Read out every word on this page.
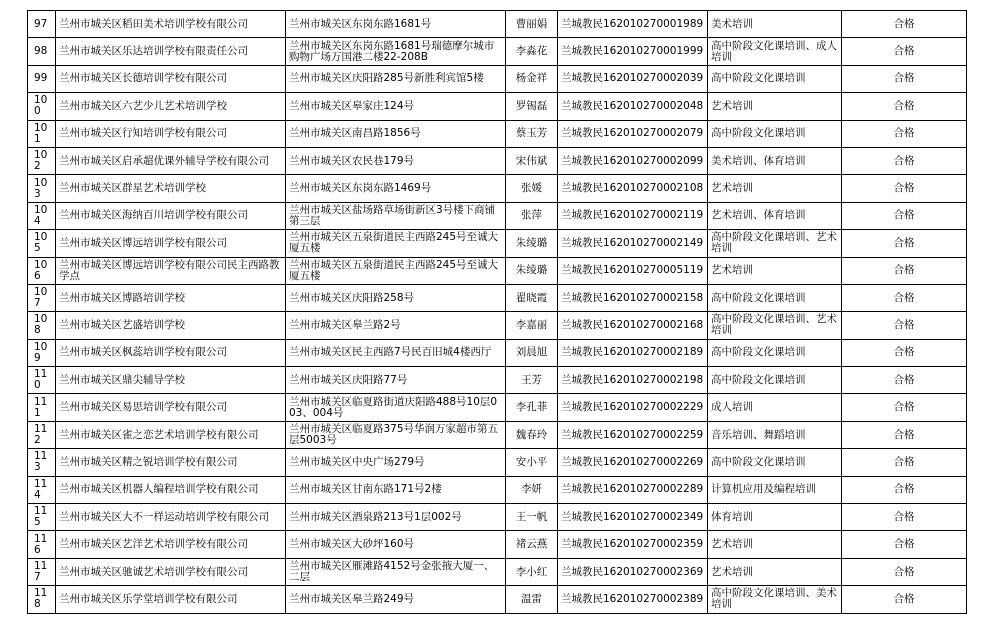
97	兰州市城关区稻田美术培训学校有限公司	兰州市城关区东岗东路1681号	曹丽娟	兰城教民162010270001989	美术培训	合格
98	兰州市城关区乐达培训学校有限责任公司	兰州市城关区东岗东路1681号瑞德摩尔城市购物广场万国港二楼22-208B	李淼花	兰城教民162010270001999	高中阶段文化课培训、成人培训	合格
99	兰州市城关区长德培训学校有限公司	兰州市城关区庆阳路285号新胜利宾馆5楼	杨金祥	兰城教民162010270002039	高中阶段文化课培训	合格
100	兰州市城关区六艺少儿艺术培训学校	兰州市城关区皋家庄124号	罗锡磊	兰城教民162010270002048	艺术培训	合格
101	兰州市城关区行知培训学校有限公司	兰州市城关区南昌路1856号	蔡玉芳	兰城教民162010270002079	高中阶段文化课培训	合格
102	兰州市城关区启承超优课外辅导学校有限公司	兰州市城关区农民巷179号	宋伟斌	兰城教民162010270002099	美术培训、体育培训	合格
103	兰州市城关区群星艺术培训学校	兰州市城关区东岗东路1469号	张媛	兰城教民162010270002108	艺术培训	合格
104	兰州市城关区海纳百川培训学校有限公司	兰州市城关区盐场路草场街新区3号楼下商铺第三层	张萍	兰城教民162010270002119	艺术培训、体育培训	合格
105	兰州市城关区博远培训学校有限公司	兰州市城关区五泉街道民主西路245号至诚大厦五楼	朱绫璐	兰城教民162010270002149	高中阶段文化课培训、艺术培训	合格
106	兰州市城关区博远培训学校有限公司民主西路教学点	兰州市城关区五泉街道民主西路245号至诚大厦五楼	朱绫璐	兰城教民162010270005119	艺术培训	合格
107	兰州市城关区博路培训学校	兰州市城关区庆阳路258号	翟晓霞	兰城教民162010270002158	高中阶段文化课培训	合格
108	兰州市城关区艺盛培训学校	兰州市城关区皋兰路2号	李嘉丽	兰城教民162010270002168	高中阶段文化课培训、艺术培训	合格
109	兰州市城关区枫蕊培训学校有限公司	兰州市城关区民主西路7号民百旧城4楼西厅	刘晨旭	兰城教民162010270002189	高中阶段文化课培训	合格
110	兰州市城关区鼎尖辅导学校	兰州市城关区庆阳路77号	王芳	兰城教民162010270002198	高中阶段文化课培训	合格
111	兰州市城关区易思培训学校有限公司	兰州市城关区临夏路街道庆阳路488号10层003、004号	李孔菲	兰城教民162010270002229	成人培训	合格
112	兰州市城关区雀之恋艺术培训学校有限公司	兰州市城关区临夏路375号华润万家超市第五层5003号	魏春玲	兰城教民162010270002259	音乐培训、舞蹈培训	合格
113	兰州市城关区精之锐培训学校有限公司	兰州市城关区中央广场279号	安小平	兰城教民162010270002269	高中阶段文化课培训	合格
114	兰州市城关区机器人编程培训学校有限公司	兰州市城关区甘南东路171号2楼	李妍	兰城教民162010270002289	计算机应用及编程培训	合格
115	兰州市城关区大不一样运动培训学校有限公司	兰州市城关区酒泉路213号1层002号	王一帆	兰城教民162010270002349	体育培训	合格
116	兰州市城关区艺洋艺术培训学校有限公司	兰州市城关区大砂坪160号	褚云燕	兰城教民162010270002359	艺术培训	合格
117	兰州市城关区驰诚艺术培训学校有限公司	兰州市城关区雁滩路4152号金张掖大厦一、二层	李小红	兰城教民162010270002369	艺术培训	合格
118	兰州市城关区乐学堂培训学校有限公司	兰州市城关区皋兰路249号	温雷	兰城教民162010270002389	高中阶段文化课培训、美术培训	合格
